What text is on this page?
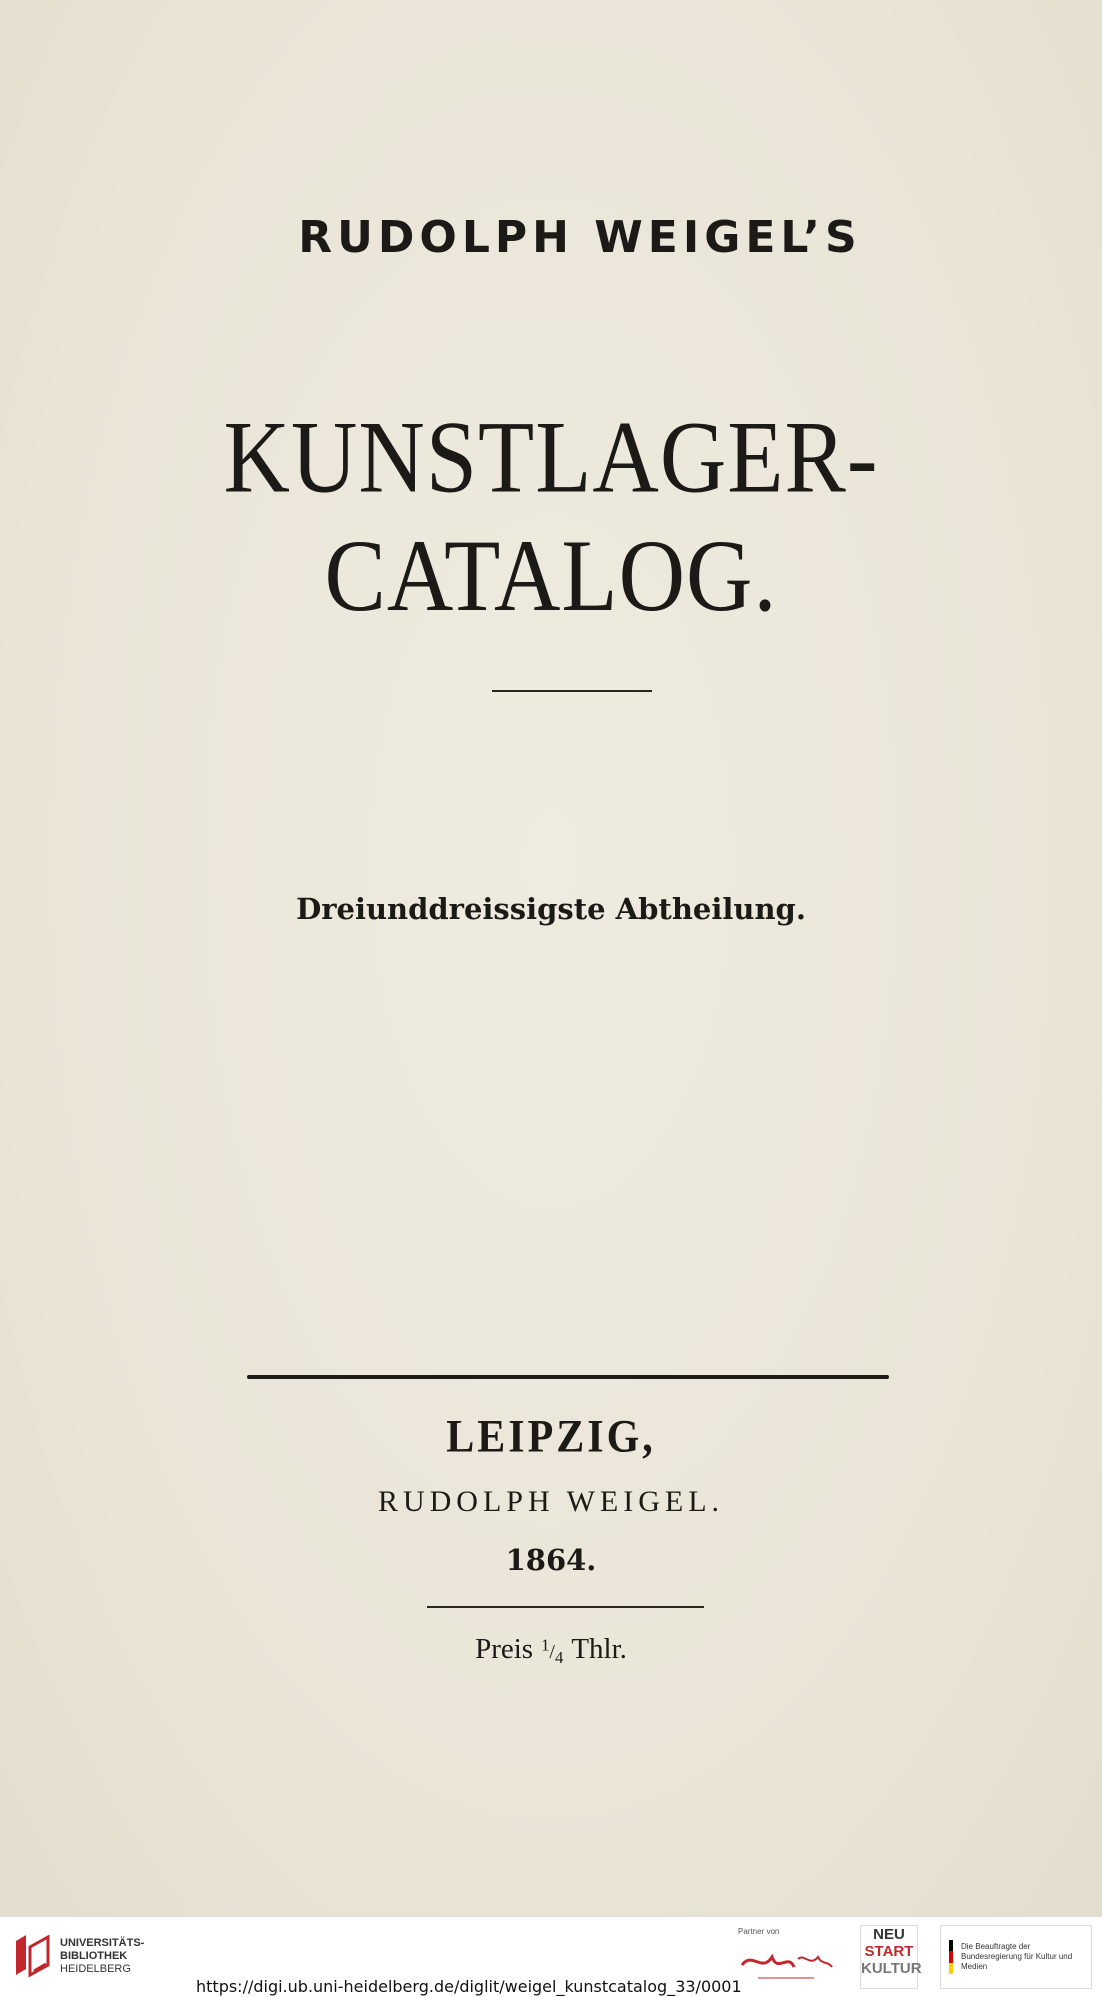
RUDOLPH WEIGEL’S
KUNSTLAGER-CATALOG.
Dreiunddreissigste Abtheilung.
LEIPZIG,
RUDOLPH WEIGEL.
1864.
Preis $^1/_4$ Thlr.
UNIVERSITÄTS-
BIBLIOTHEK
HEIDELBERG
Partner von	NEU
START
KULTUR
Die Beauftragte der Bundesregierung für Kultur und Medien
https://digi.ub.uni-heidelberg.de/diglit/weigel_kunstcatalog_33/0001
